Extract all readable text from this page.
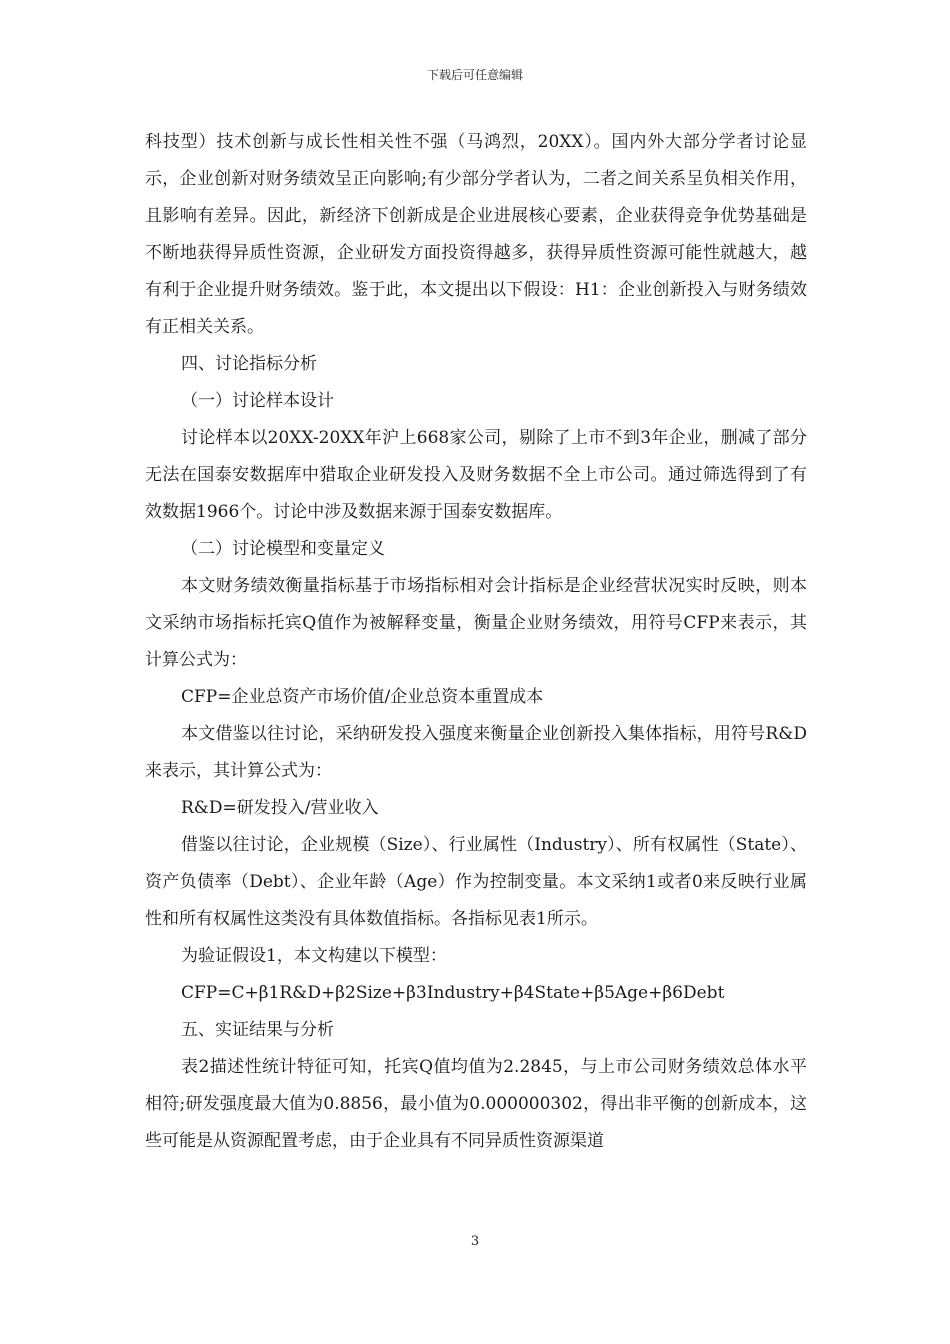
下载后可任意编辑

科技型）技术创新与成长性相关性不强（马鸿烈，20XX）。国内外大部分学者讨论显示，企业创新对财务绩效呈正向影响;有少部分学者认为，二者之间关系呈负相关作用，且影响有差异。因此，新经济下创新成是企业进展核心要素，企业获得竞争优势基础是不断地获得异质性资源，企业研发方面投资得越多，获得异质性资源可能性就越大，越有利于企业提升财务绩效。鉴于此，本文提出以下假设：H1：企业创新投入与财务绩效有正相关关系。

四、讨论指标分析

（一）讨论样本设计

讨论样本以20XX-20XX年沪上668家公司，剔除了上市不到3年企业，删减了部分无法在国泰安数据库中猎取企业研发投入及财务数据不全上市公司。通过筛选得到了有效数据1966个。讨论中涉及数据来源于国泰安数据库。

（二）讨论模型和变量定义

本文财务绩效衡量指标基于市场指标相对会计指标是企业经营状况实时反映，则本文采纳市场指标托宾Q值作为被解释变量，衡量企业财务绩效，用符号CFP来表示，其计算公式为：

CFP=企业总资产市场价值/企业总资本重置成本

本文借鉴以往讨论，采纳研发投入强度来衡量企业创新投入集体指标，用符号R&D来表示，其计算公式为：

R&D=研发投入/营业收入

借鉴以往讨论，企业规模（Size）、行业属性（Industry）、所有权属性（State）、资产负债率（Debt）、企业年龄（Age）作为控制变量。本文采纳1或者0来反映行业属性和所有权属性这类没有具体数值指标。各指标见表1所示。

为验证假设1，本文构建以下模型：

CFP=C+β1R&D+β2Size+β3Industry+β4State+β5Age+β6Debt

五、实证结果与分析

表2描述性统计特征可知，托宾Q值均值为2.2845，与上市公司财务绩效总体水平相符;研发强度最大值为0.8856，最小值为0.000000302，得出非平衡的创新成本，这些可能是从资源配置考虑，由于企业具有不同异质性资源渠道

3
